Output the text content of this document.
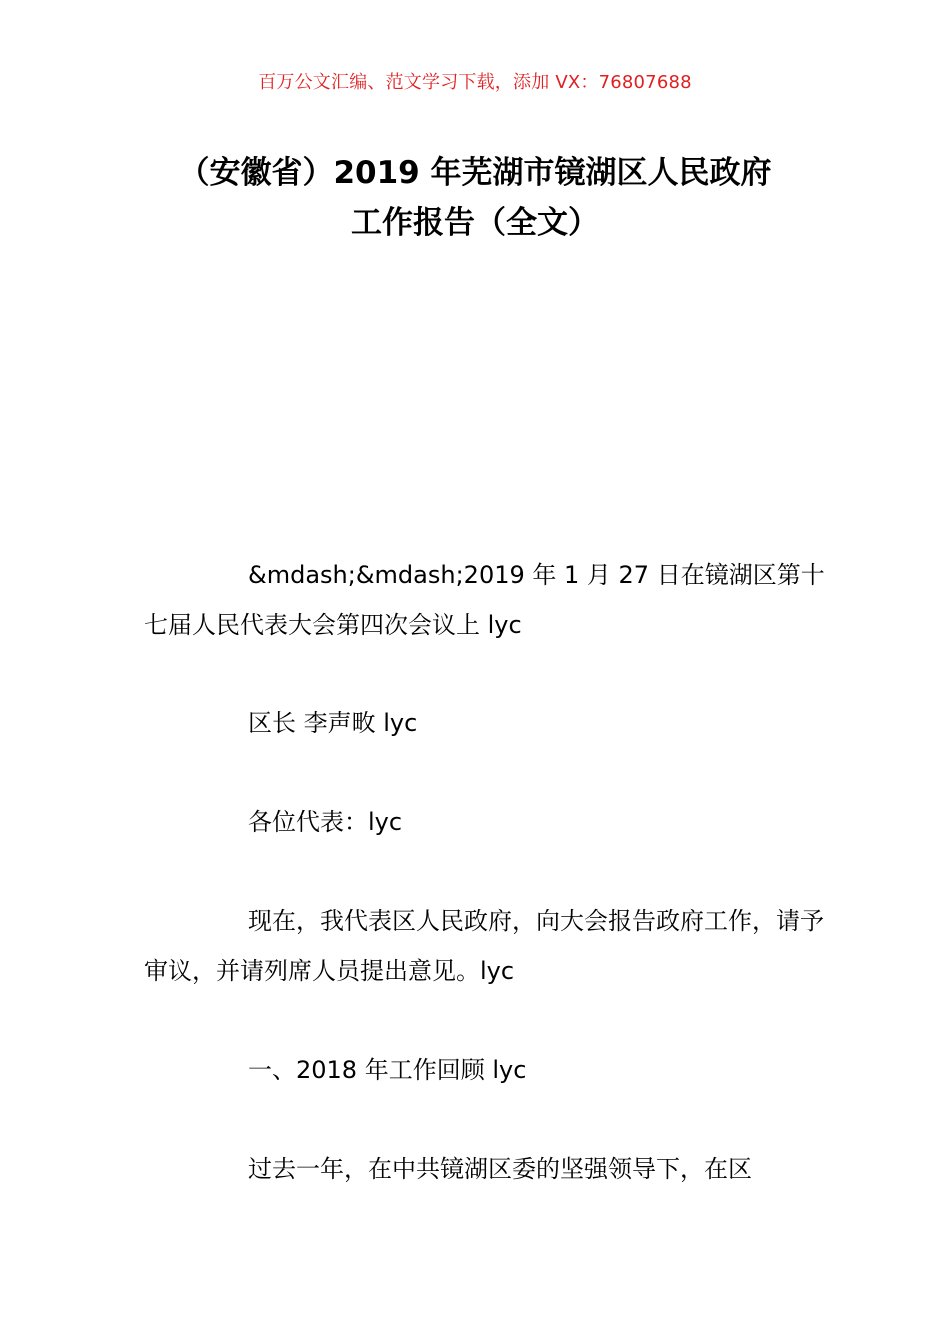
百万公文汇编、范文学习下载，添加 VX：76807688
（安徽省）2019 年芜湖市镜湖区人民政府
工作报告（全文）

&mdash;&mdash;2019 年 1 月 27 日在镜湖区第十七届人民代表大会第四次会议上 lyc

区长 李声畋 lyc

各位代表：lyc

现在，我代表区人民政府，向大会报告政府工作，请予审议，并请列席人员提出意见。lyc

一、2018 年工作回顾 lyc

过去一年，在中共镜湖区委的坚强领导下，在区
